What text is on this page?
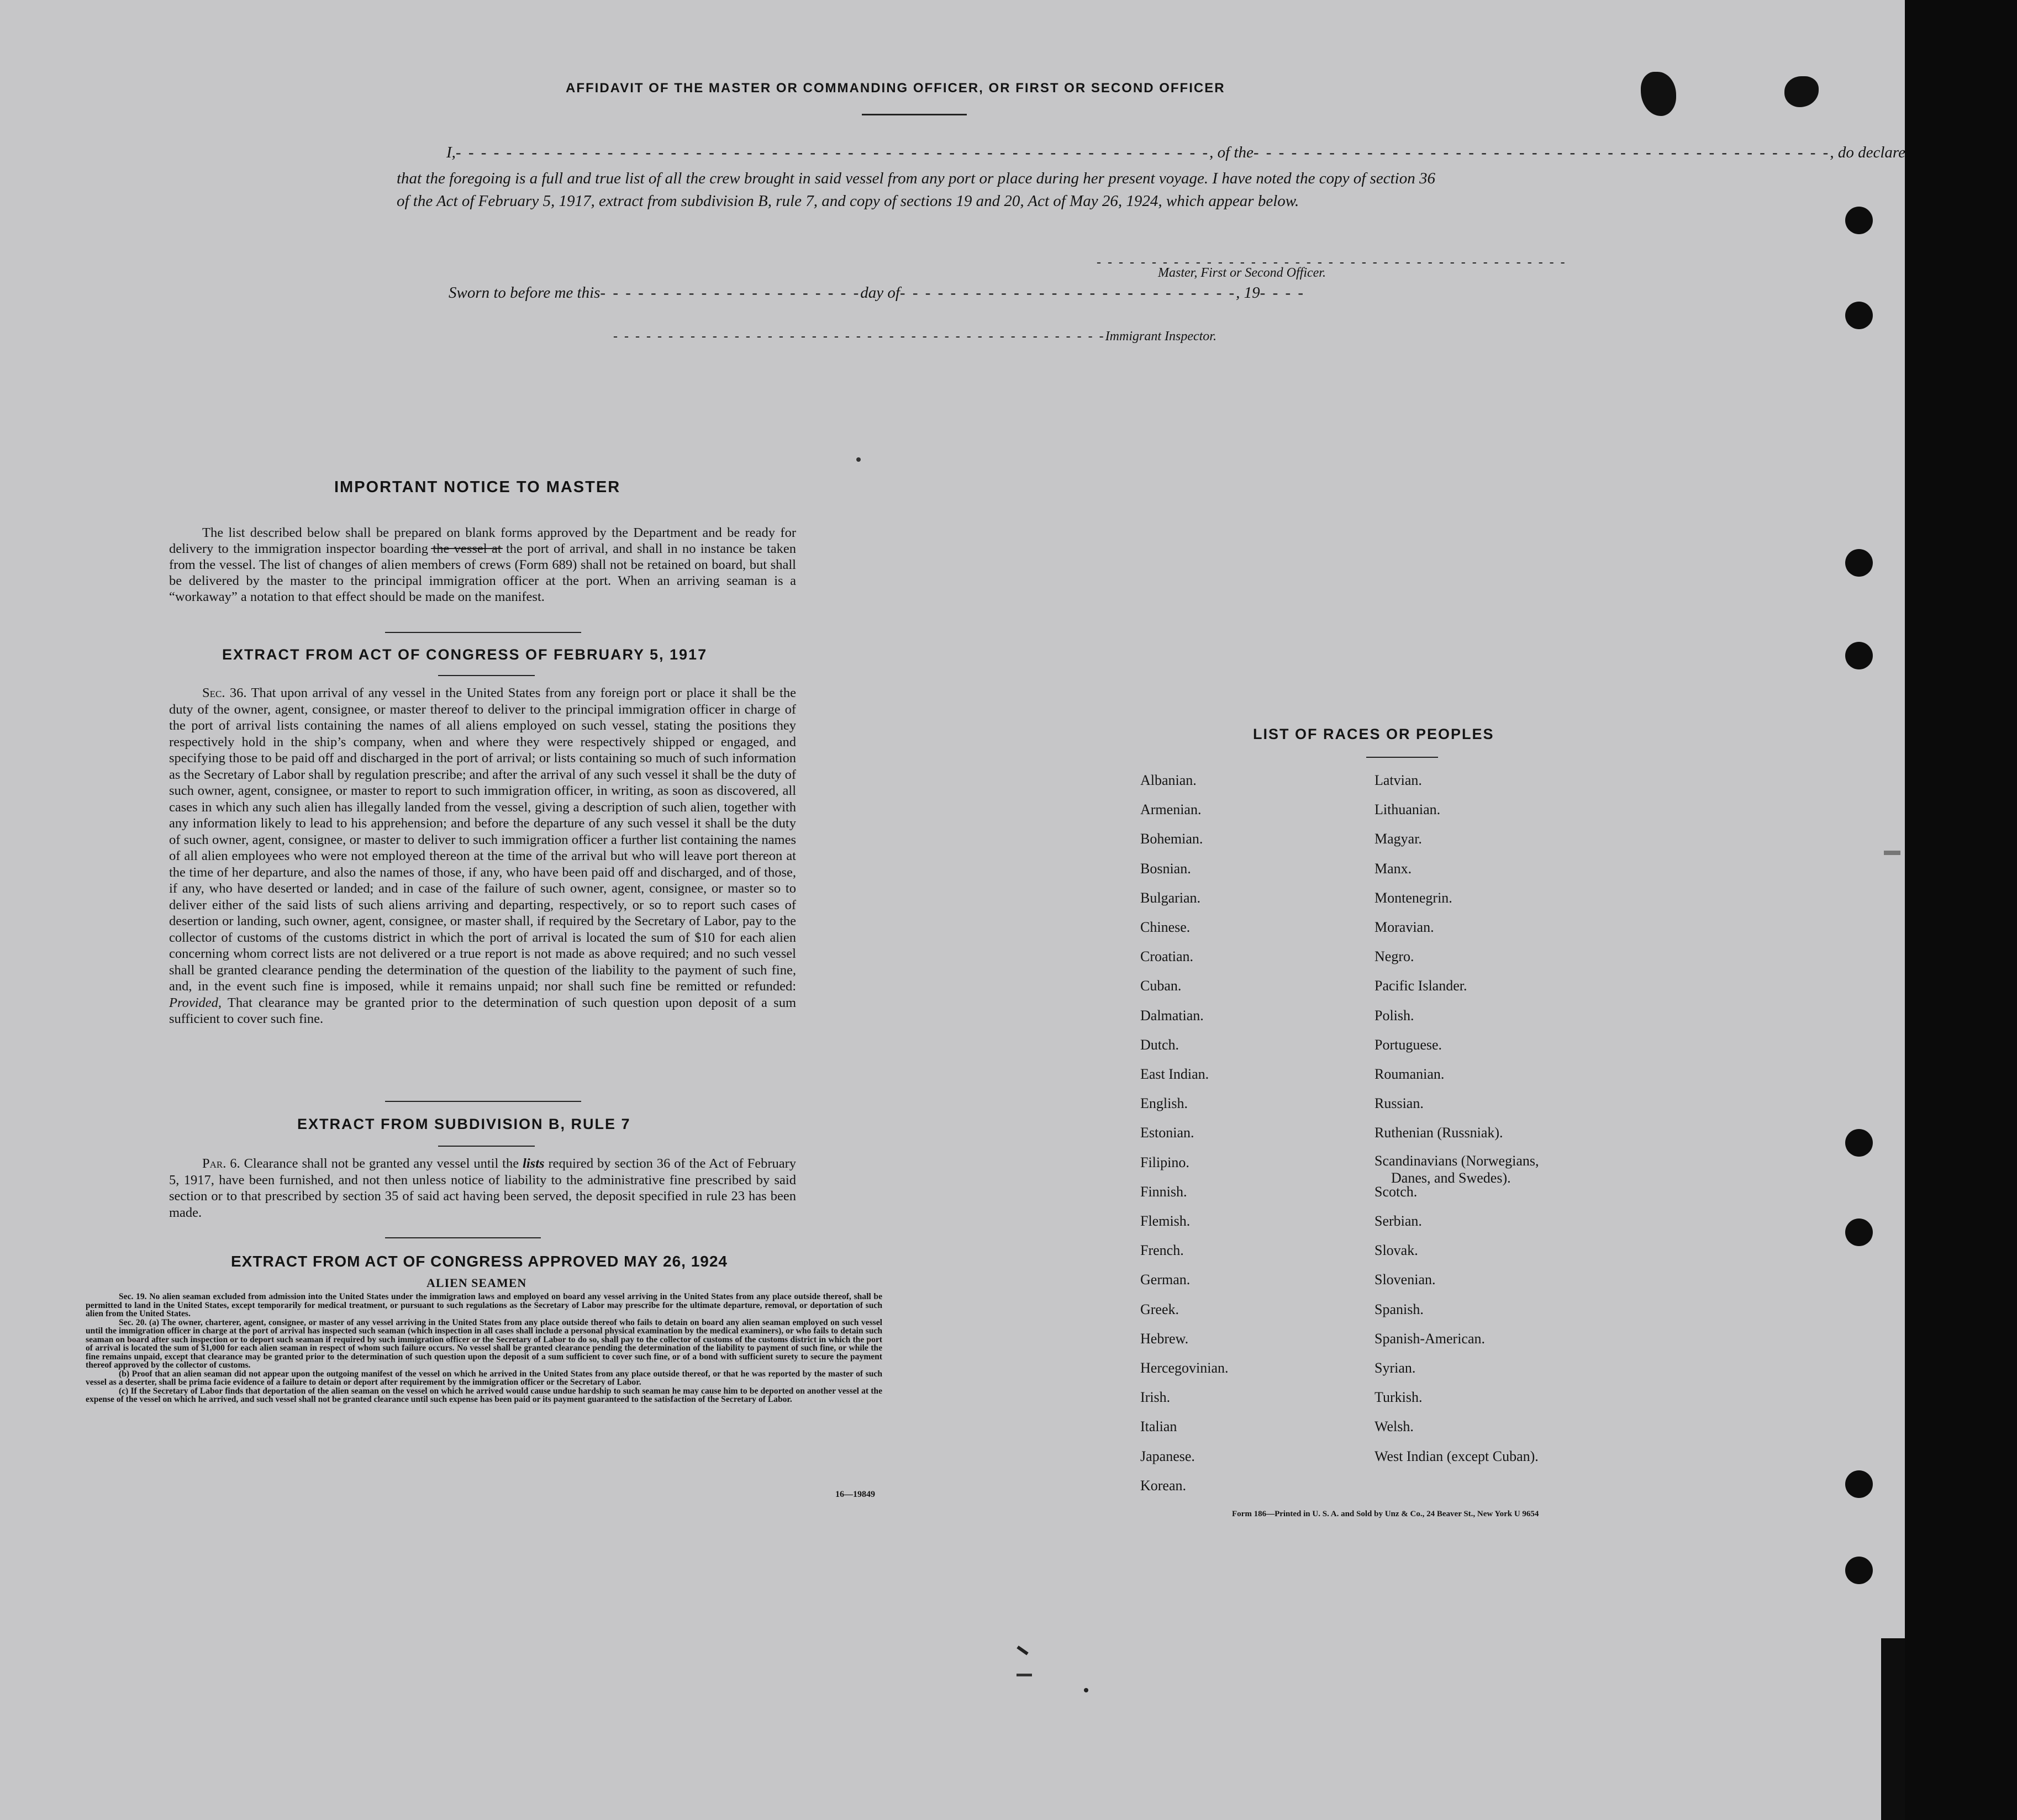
AFFIDAVIT OF THE MASTER OR COMMANDING OFFICER, OR FIRST OR SECOND OFFICER
I,- - - - - - - - - - - - - - - - - - - - - - - - - - - - - - - - - - - - - - - - - - - - - - - - - - - - - - - - - - - -, of the- - - - - - - - - - - - - - - - - - - - - - - - - - - - - - - - - - - - - - - - - - - - - -, do declare

that the foregoing is a full and true list of all the crew brought in said vessel from any port or place during her present voyage. I have noted the copy of section 36 of the Act of February 5, 1917, extract from subdivision B, rule 7, and copy of sections 19 and 20, Act of May 26, 1924, which appear below.

- - - - - - - - - - - - - - - - - - - - - - - - - - - - - - - - - - - - - - - - - - -
Master, First or Second Officer.
Sworn to before me this- - - - - - - - - - - - - - - - - - - - -day of- - - - - - - - - - - - - - - - - - - - - - - - - - -, 19- - - -
- - - - - - - - - - - - - - - - - - - - - - - - - - - - - - - - - - - - - - - - - - - - -Immigrant Inspector.
IMPORTANT NOTICE TO MASTER

The list described below shall be prepared on blank forms approved by the Department and be ready for delivery to the immigration inspector boarding the vessel at the port of arrival, and shall in no instance be taken from the vessel. The list of changes of alien members of crews (Form 689) shall not be retained on board, but shall be delivered by the master to the principal immigration officer at the port. When an arriving seaman is a “workaway” a notation to that effect should be made on the manifest.

EXTRACT FROM ACT OF CONGRESS OF FEBRUARY 5, 1917

Sec. 36. That upon arrival of any vessel in the United States from any foreign port or place it shall be the duty of the owner, agent, consignee, or master thereof to deliver to the principal immigration officer in charge of the port of arrival lists containing the names of all aliens employed on such vessel, stating the positions they respectively hold in the ship’s company, when and where they were respectively shipped or engaged, and specifying those to be paid off and discharged in the port of arrival; or lists containing so much of such information as the Secretary of Labor shall by regulation prescribe; and after the arrival of any such vessel it shall be the duty of such owner, agent, consignee, or master to report to such immigration officer, in writing, as soon as discovered, all cases in which any such alien has illegally landed from the vessel, giving a description of such alien, together with any information likely to lead to his apprehension; and before the departure of any such vessel it shall be the duty of such owner, agent, consignee, or master to deliver to such immigration officer a further list containing the names of all alien employees who were not employed thereon at the time of the arrival but who will leave port thereon at the time of her departure, and also the names of those, if any, who have been paid off and discharged, and of those, if any, who have deserted or landed; and in case of the failure of such owner, agent, consignee, or master so to deliver either of the said lists of such aliens arriving and departing, respectively, or so to report such cases of desertion or landing, such owner, agent, consignee, or master shall, if required by the Secretary of Labor, pay to the collector of customs of the customs district in which the port of arrival is located the sum of $10 for each alien concerning whom correct lists are not delivered or a true report is not made as above required; and no such vessel shall be granted clearance pending the determination of the question of the liability to the payment of such fine, and, in the event such fine is imposed, while it remains unpaid; nor shall such fine be remitted or refunded: Provided, That clearance may be granted prior to the determination of such question upon deposit of a sum sufficient to cover such fine.

EXTRACT FROM SUBDIVISION B, RULE 7

Par. 6. Clearance shall not be granted any vessel until the lists required by section 36 of the Act of February 5, 1917, have been furnished, and not then unless notice of liability to the administrative fine prescribed by said section or to that prescribed by section 35 of said act having been served, the deposit specified in rule 23 has been made.

EXTRACT FROM ACT OF CONGRESS APPROVED MAY 26, 1924
ALIEN SEAMEN

Sec. 19. No alien seaman excluded from admission into the United States under the immigration laws and employed on board any vessel arriving in the United States from any place outside thereof, shall be permitted to land in the United States, except temporarily for medical treatment, or pursuant to such regulations as the Secretary of Labor may prescribe for the ultimate departure, removal, or deportation of such alien from the United States.

Sec. 20. (a) The owner, charterer, agent, consignee, or master of any vessel arriving in the United States from any place outside thereof who fails to detain on board any alien seaman employed on such vessel until the immigration officer in charge at the port of arrival has inspected such seaman (which inspection in all cases shall include a personal physical examination by the medical examiners), or who fails to detain such seaman on board after such inspection or to deport such seaman if required by such immigration officer or the Secretary of Labor to do so, shall pay to the collector of customs of the customs district in which the port of arrival is located the sum of $1,000 for each alien seaman in respect of whom such failure occurs. No vessel shall be granted clearance pending the determination of the liability to payment of such fine, or while the fine remains unpaid, except that clearance may be granted prior to the determination of such question upon the deposit of a sum sufficient to cover such fine, or of a bond with sufficient surety to secure the payment thereof approved by the collector of customs.

(b) Proof that an alien seaman did not appear upon the outgoing manifest of the vessel on which he arrived in the United States from any place outside thereof, or that he was reported by the master of such vessel as a deserter, shall be prima facie evidence of a failure to detain or deport after requirement by the immigration officer or the Secretary of Labor.

(c) If the Secretary of Labor finds that deportation of the alien seaman on the vessel on which he arrived would cause undue hardship to such seaman he may cause him to be deported on another vessel at the expense of the vessel on which he arrived, and such vessel shall not be granted clearance until such expense has been paid or its payment guaranteed to the satisfaction of the Secretary of Labor.

16—19849
LIST OF RACES OR PEOPLES
Albanian.
Armenian.
Bohemian.
Bosnian.
Bulgarian.
Chinese.
Croatian.
Cuban.
Dalmatian.
Dutch.
East Indian.
English.
Estonian.
Filipino.
Finnish.
Flemish.
French.
German.
Greek.
Hebrew.
Hercegovinian.
Irish.
Italian
Japanese.
Korean.
Latvian.
Lithuanian.
Magyar.
Manx.
Montenegrin.
Moravian.
Negro.
Pacific Islander.
Polish.
Portuguese.
Roumanian.
Russian.
Ruthenian (Russniak).
Scandinavians (Norwegians,
Danes, and Swedes).
Scotch.
Serbian.
Slovak.
Slovenian.
Spanish.
Spanish-American.
Syrian.
Turkish.
Welsh.
West Indian (except Cuban).
Form 186—Printed in U. S. A. and Sold by Unz & Co., 24 Beaver St., New York U 9654
